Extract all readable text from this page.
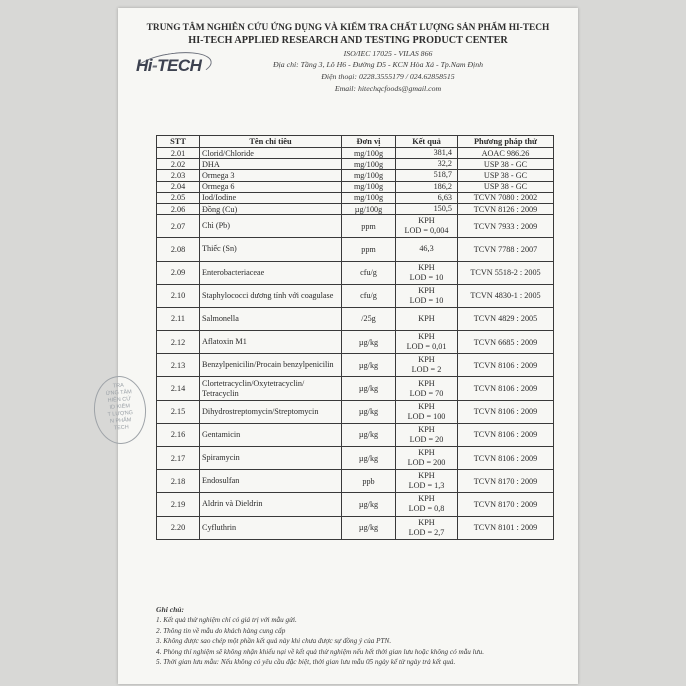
Hi-TECH
TRUNG TÂM NGHIÊN CỨU ỨNG DỤNG VÀ KIỂM TRA CHẤT LƯỢNG SẢN PHẨM HI-TECH
HI-TECH APPLIED RESEARCH AND TESTING PRODUCT CENTER
ISO/IEC 17025 - VILAS 866
Địa chỉ: Tầng 3, Lô H6 - Đường D5 - KCN Hòa Xá - Tp.Nam Định
Điện thoại: 0228.3555179 / 024.62858515
Email: hitechqcfoods@gmail.com
TRA
ỨNG TÂM
HIÊN CỨ
ID KIÊM
T LƯỢNG
N PHẨM
TECH
STT	Tên chỉ tiêu	Đơn vị	Kết quả	Phương pháp thử
2.01	Clorid/Chloride	mg/100g	381,4	AOAC 986.26
2.02	DHA	mg/100g	32,2	USP 38 - GC
2.03	Ormega 3	mg/100g	518,7	USP 38 - GC
2.04	Ormega 6	mg/100g	186,2	USP 38 - GC
2.05	Iod/Iodine	mg/100g	6,63	TCVN 7080 : 2002
2.06	Đồng (Cu)	µg/100g	150,5	TCVN 8126 : 2009
2.07	Chì (Pb)	ppm	KPH
LOD = 0,004	TCVN 7933 : 2009
2.08	Thiếc (Sn)	ppm	46,3	TCVN 7788 : 2007
2.09	Enterobacteriaceae	cfu/g	KPH
LOD = 10	TCVN 5518-2 : 2005
2.10	Staphylococci dương tính với coagulase	cfu/g	KPH
LOD = 10	TCVN 4830-1 : 2005
2.11	Salmonella	/25g	KPH	TCVN 4829 : 2005
2.12	Aflatoxin M1	µg/kg	KPH
LOD = 0,01	TCVN 6685 : 2009
2.13	Benzylpenicilin/Procain benzylpenicilin	µg/kg	KPH
LOD = 2	TCVN 8106 : 2009
2.14	Clortetracyclin/Oxytetracyclin/ Tetracyclin	µg/kg	KPH
LOD = 70	TCVN 8106 : 2009
2.15	Dihydrostreptomycin/Streptomycin	µg/kg	KPH
LOD = 100	TCVN 8106 : 2009
2.16	Gentamicin	µg/kg	KPH
LOD = 20	TCVN 8106 : 2009
2.17	Spiramycin	µg/kg	KPH
LOD = 200	TCVN 8106 : 2009
2.18	Endosulfan	ppb	KPH
LOD = 1,3	TCVN 8170 : 2009
2.19	Aldrin và Dieldrin	µg/kg	KPH
LOD = 0,8	TCVN 8170 : 2009
2.20	Cyfluthrin	µg/kg	KPH
LOD = 2,7	TCVN 8101 : 2009
Ghi chú:
1. Kết quả thử nghiệm chỉ có giá trị với mẫu gửi.
2. Thông tin về mẫu do khách hàng cung cấp
3. Không được sao chép một phần kết quả này khi chưa được sự đồng ý của PTN.
4. Phòng thí nghiệm sẽ không nhận khiếu nại về kết quả thử nghiệm nếu hết thời gian lưu hoặc không có mẫu lưu.
5. Thời gian lưu mẫu: Nếu không có yêu cầu đặc biệt, thời gian lưu mẫu 05 ngày kể từ ngày trả kết quả.
